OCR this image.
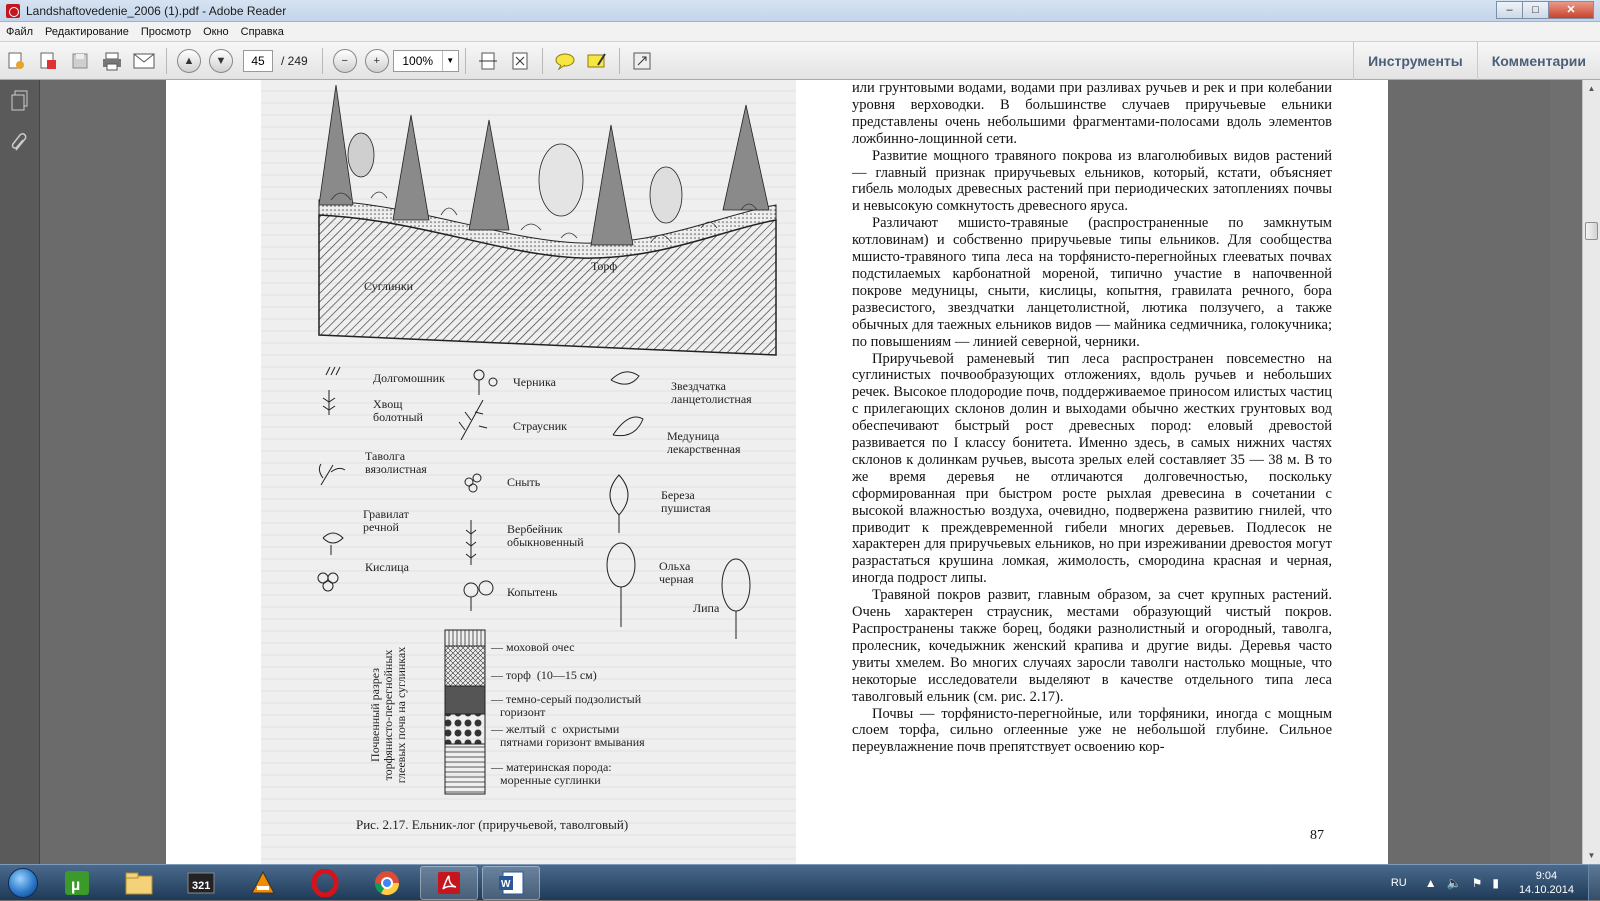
Landshaftovedenie_2006 (1).pdf - Adobe Reader	–	□	✕
Файл	Редактирование	Просмотр	Окно	Справка
▲	▼	45	/ 249	−	+	100%	▼	Инструменты	Комментарии
Торф
Суглинки
Долгомошник
Хвощ
болотный
Таволга
вязолистная
Гравилат
речной
Кислица
Черника
Страусник
Сныть
Вербейник
обыкновенный
Копытень
Звездчатка
ланцетолистная
Медуница
лекарственная
Береза
пушистая
Ольха
черная
Липа
Почвенный разрез
торфянисто-перегнойных
глеевых почв на суглинках	— моховой очес
— торф  (10—15 см)
— темно-серый подзолистый
горизонт
— желтый  с  охристыми
пятнами горизонт вмывания
— материнская порода:
моренные суглинки
Рис. 2.17. Ельник-лог (приручьевой, таволговый)

или грунтовыми водами, водами при разливах ручьев и рек и при колебании уровня верховодки. В большинстве случаев приручьевые ельники представлены очень небольшими фрагментами-полосами вдоль элементов ложбинно-лощинной сети.

Развитие мощного травяного покрова из влаголюбивых видов растений — главный признак приручьевых ельников, который, кстати, объясняет гибель молодых древесных растений при периодических затоплениях почвы и невысокую сомкнутость древесного яруса.

Различают мшисто-травяные (распространенные по замкнутым котловинам) и собственно приручьевые типы ельников. Для сообщества мшисто-травяного типа леса на торфянисто-перегнойных глееватых почвах подстилаемых карбонатной мореной, типично участие в напочвенной покрове медуницы, сныти, кислицы, копытня, гравилата речного, бора развесистого, звездчатки ланцетолистной, лютика ползучего, а также обычных для таежных ельников видов — майника седмичника, голокучника; по повышениям — линией северной, черники.

Приручьевой раменевый тип леса распространен повсеместно на суглинистых почвообразующих отложениях, вдоль ручьев и небольших речек. Высокое плодородие почв, поддерживаемое приносом илистых частиц с прилегающих склонов долин и выходами обычно жестких грунтовых вод обеспечивают быстрый рост древесных пород: еловый древостой развивается по I классу бонитета. Именно здесь, в самых нижних частях склонов к долинкам ручьев, высота зрелых елей составляет 35 — 38 м. В то же время деревья не отличаются долговечностью, поскольку сформированная при быстром росте рыхлая древесина в сочетании с высокой влажностью воздуха, очевидно, подвержена развитию гнилей, что приводит к преждевременной гибели многих деревьев. Подлесок не характерен для приручьевых ельников, но при изреживании древостоя могут разрастаться крушина ломкая, жимолость, смородина красная и черная, иногда подрост липы.

Травяной покров развит, главным образом, за счет крупных растений. Очень характерен страусник, местами образующий чистый покров. Распространены также борец, бодяки разнолистный и огородный, таволга, пролесник, кочедыжник женский крапива и другие виды. Деревья часто увиты хмелем. Во многих случаях заросли таволги настолько мощные, что некоторые исследователи выделяют в качестве отдельного типа леса таволговый ельник (см. рис. 2.17).

Почвы — торфянисто-перегнойные, или торфяники, иногда с мощным слоем торфа, сильно оглеенные уже не небольшой глубине. Сильное переувлажнение почв препятствует освоению кор-

87
▲
▼
µ	321	W	RU ▲ 🔈 ⚑ ▮	9:04
14.10.2014
